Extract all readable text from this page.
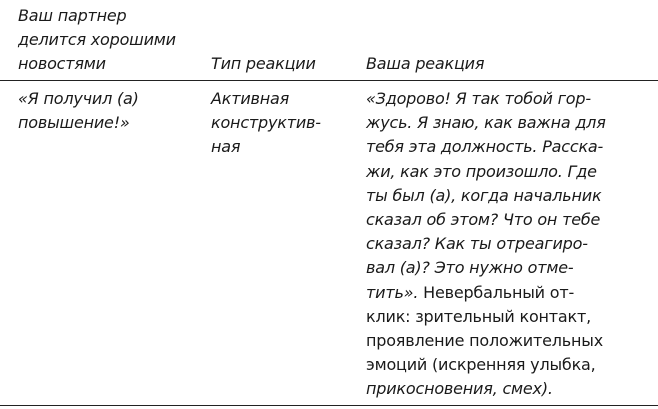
Ваш партнер
делится хорошими
новостями	Тип реакции	Ваша реакция
«Я получил (а)
повышение!»
Активная
конструктив-
ная
«Здорово! Я так тобой гор-
жусь. Я знаю, как важна для
тебя эта должность. Расска-
жи, как это произошло. Где
ты был (а), когда начальник
сказал об этом? Что он тебе
сказал? Как ты отреагиро-
вал (а)? Это нужно отме-
тить». Невербальный от-
клик: зрительный контакт,
проявление положительных
эмоций (искренняя улыбка,
прикосновения, смех).
